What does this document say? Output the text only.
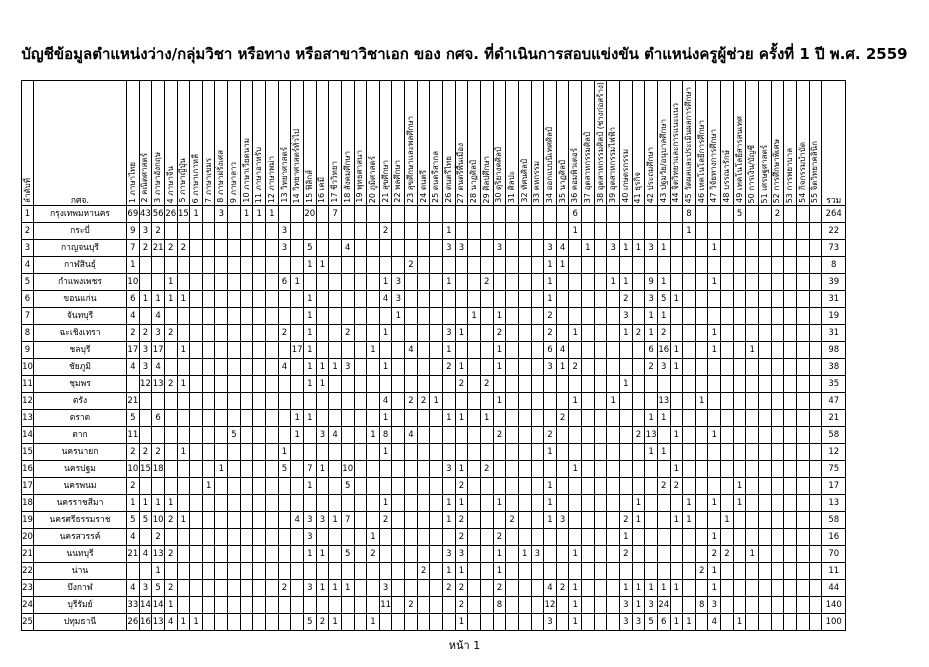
บัญชีข้อมูลตำแหน่งว่าง/กลุ่มวิชา หรือทาง หรือสาขาวิชาเอก ของ กศจ. ที่ดำเนินการสอบแข่งขัน ตำแหน่งครูผู้ช่วย ครั้งที่ 1 ปี พ.ศ. 2559
ลำดับที่	กศจ.	1 ภาษาไทย	2 คณิตศาสตร์	3 ภาษาอังกฤษ	4 ภาษาจีน	5 ภาษาญี่ปุ่น	6 ภาษาเกาหลี	7 ภาษาเขมร	8 ภาษาฝรั่งเศส	9 ภาษาลาว	10 ภาษาเวียดนาม	11 ภาษาอาหรับ	12 ภาษาพม่า	13 วิทยาศาสตร์	14 วิทยาศาสตร์ทั่วไป	15 ฟิสิกส์	16 เคมี	17 ชีววิทยา	18 สังคมศึกษา	19 พุทธศาสนา	20 ภูมิศาสตร์	21 สุขศึกษา	22 พลศึกษา	23 สุขศึกษาและพลศึกษา	24 ดนตรี	25 ดนตรีสากล	26 ดนตรีไทย	27 ดนตรีพื้นเมือง	28 นาฏศิลป์	29 ศิลปศึกษา	30 ดุริยางคศิลป์	31 ศิลปะ	32 ทัศนศิลป์	33 คหกรรม	34 ออกแบบนิเทศศิลป์	35 นาฏศิลป์	36 คอมพิวเตอร์	37 อุตสาหกรรมศิลป์	38 อุตสาหกรรมศิลป์ (ช่างก่อสร้าง)	39 อุตสาหกรรมไฟฟ้า	40 เกษตรกรรม	41 ธุรกิจ	42 ประถมศึกษา	43 ปฐมวัย/อนุบาลศึกษา	44 จิตวิทยาและการแนะแนว	45 วัดผลและประเมินผลการศึกษา	46 เทคโนโลยีการศึกษา	47 วิจัยทางการศึกษา	48 บรรณารักษ์	49 เทคโนโลยีสารสนเทศ	50 การเงิน/บัญชี	51 เศรษฐศาสตร์	52 การศึกษาพิเศษ	53 การพยาบาล	54 กิจกรรมบำบัด	55 จิตวิทยาคลินิก	รวม
1	กรุงเทพมหานคร	69	43	56	26	15	1		3		1	1	1			20		7																			6									8				5			2				264
2	กระบี่	9	3	2										3								2					1										1									1											22
3	กาญจนบุรี	7	2	21	2	2								3		5			4								3	3			3				3	4		1		3	1	1	3	1				1									73
4	กาฬสินธุ์	1														1	1							2											1	1																					8
5	กำแพงเพชร	10			1									6	1							1	3				1			2					1					1	1		9	1				1									39
6	ขอนแก่น	6	1	1	1	1										1						4	3												1						2		3	5	1												31
7	จันทบุรี	4		4												1							1						1		1				2						3		1	1													19
8	ฉะเชิงเทรา	2	2	3	2									2		1			2			1					3	1			2				2		1				1	2	1	2				1									31
9	ชลบุรี	17	3	17		1									17	1					1			4			1				1				6	4							6	16	1			1			1						98
10	ชัยภูมิ	4	3	4										4		1	1	1	3			1					2	1			1				3	1	2						2	3	1												38
11	ชุมพร		12	13	2	1										1	1											2		2											1																35
12	ตรัง	21																				4		2	2	1					1						1			1				13			1										47
13	ตราด	5		6											1	1						1					1	1		1						2							1	1													21
14	ตาก	11								5					1		3	4			1	8		4							2				2							2	13		1			1									58
15	นครนายก	2	2	2		1								1								1													1								1	1													12
16	นครปฐม	10	15	18					1					5		7	1		10								3	1		2							1								1												75
17	นครพนม	2						1								1			5									2							1									2	2					1							17
18	นครราชสีมา	1	1	1	1																	1					1	1			1				1							1				1		1		1							13
19	นครศรีธรรมราช	5	5	10	2	1									4	3	3	1	7			2					1	2				2			1	3					2	1			1	1			1								58
20	นครสวรรค์	4		2												3					1							2			2										1							1									16
21	นนทบุรี	21	4	13	2											1	1		5		2						3	3			1		1	3			1				2							2	2		1						70
22	น่าน			1																					2		1	1			1																2	1									11
23	บึงกาฬ	4	3	5	2									2		3	1	1	1			3					2	2			2				4	2	1				1	1	1	1	1			1									44
24	บุรีรัมย์	33	14	14	1																	11		2				2			8				12		1				3	1	3	24			8	3									140
25	ปทุมธานี	26	16	13	4	1	1									5	2	1			1							1							3		1				3	3	5	6	1	1		4		1							100
หน้า 1
